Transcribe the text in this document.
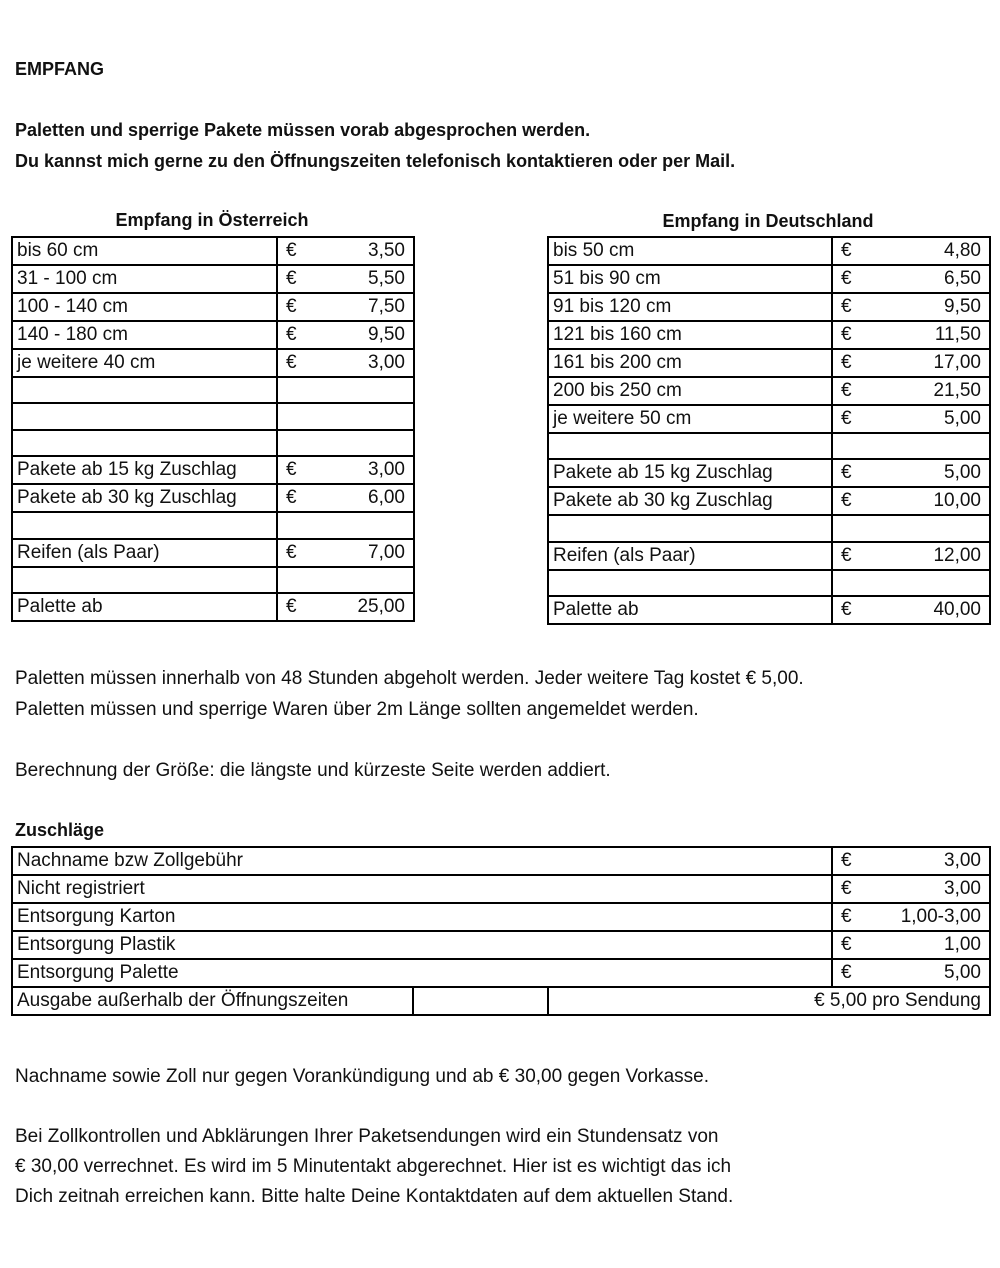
EMPFANG
Paletten und sperrige Pakete müssen vorab abgesprochen werden.
Du kannst mich gerne zu den Öffnungszeiten telefonisch kontaktieren oder per Mail.
Empfang in Österreich
bis 60 cm	€ 3,50

31 - 100 cm	€ 5,50

100 - 140 cm	€ 7,50

140 - 180 cm	€ 9,50

je weitere 40 cm	€ 3,00

Pakete ab 15 kg Zuschlag	€ 3,00

Pakete ab 30 kg Zuschlag	€ 6,00

Reifen (als Paar)	€ 7,00

Palette ab	€ 25,00
Empfang in Deutschland
bis 50 cm	€ 4,80

51 bis 90 cm	€ 6,50

91 bis 120 cm	€ 9,50

121 bis 160 cm	€ 11,50

161 bis 200 cm	€ 17,00

200 bis 250 cm	€ 21,50

je weitere 50 cm	€ 5,00

Pakete ab 15 kg Zuschlag	€ 5,00

Pakete ab 30 kg Zuschlag	€ 10,00

Reifen (als Paar)	€ 12,00

Palette ab	€ 40,00
Paletten müssen innerhalb von 48 Stunden abgeholt werden. Jeder weitere Tag kostet € 5,00.
Paletten müssen und sperrige Waren über 2m Länge sollten angemeldet werden.
Berechnung der Größe: die längste und kürzeste Seite werden addiert.
Zuschläge
Nachname bzw Zollgebühr			€ 3,00

Nicht registriert			€ 3,00

Entsorgung Karton			€ 1,00-3,00

Entsorgung Plastik			€ 1,00

Entsorgung Palette			€ 5,00

Ausgabe außerhalb der Öffnungszeiten		€ 5,00 pro Sendung	
Nachname sowie Zoll nur gegen Vorankündigung und ab € 30,00 gegen Vorkasse.
Bei Zollkontrollen und Abklärungen Ihrer Paketsendungen wird ein Stundensatz von
€ 30,00 verrechnet. Es wird im 5 Minutentakt abgerechnet. Hier ist es wichtigt das ich
Dich zeitnah erreichen kann. Bitte halte Deine Kontaktdaten auf dem aktuellen Stand.
